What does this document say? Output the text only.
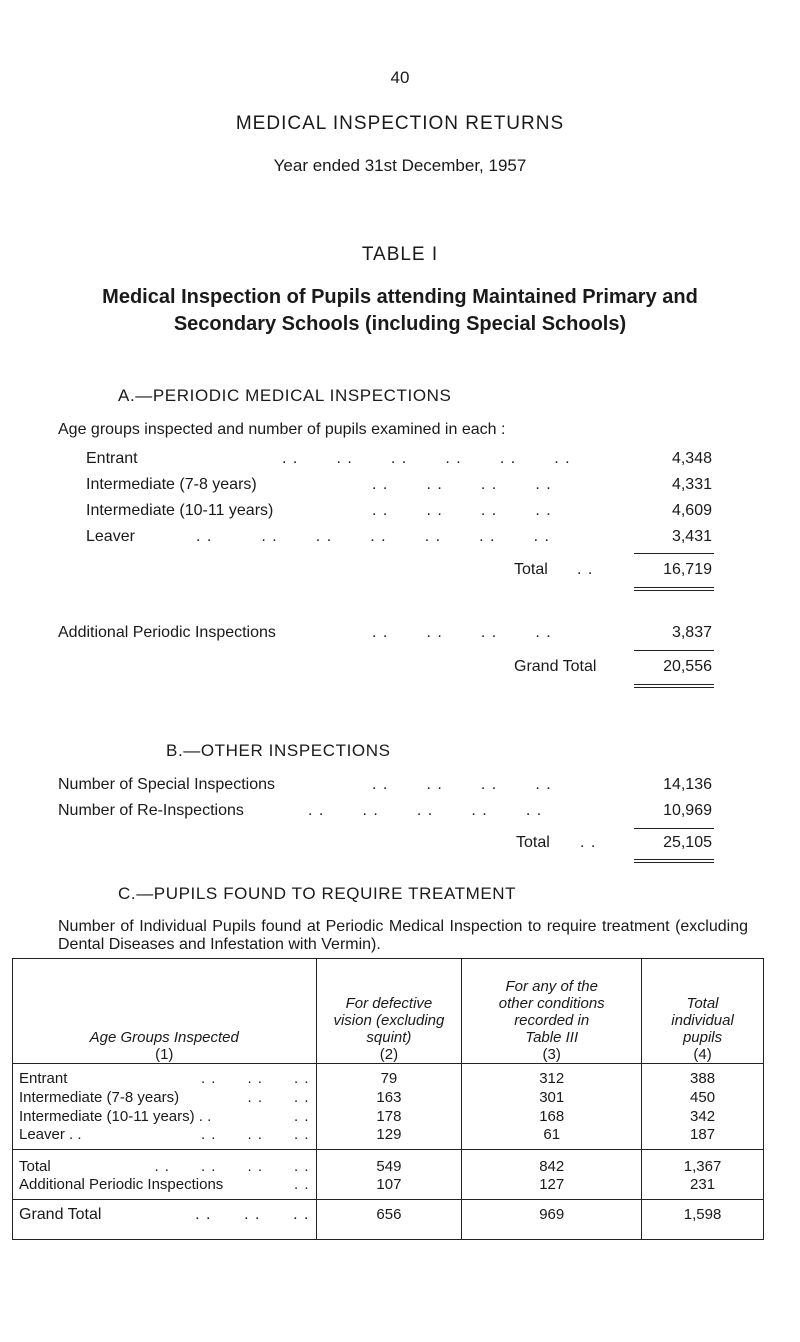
40
MEDICAL INSPECTION RETURNS
Year ended 31st December, 1957
TABLE I
Medical Inspection of Pupils attending Maintained Primary and
Secondary Schools (including Special Schools)
A.—PERIODIC MEDICAL INSPECTIONS
Age groups inspected and number of pupils examined in each :
Entrant	. .       . .       . .       . .       . .       . .	4,348
Intermediate (7-8 years)	. .       . .       . .       . .	4,331
Intermediate (10-11 years)	. .       . .       . .       . .	4,609
Leaver	. .         . .       . .       . .       . .       . .       . .	3,431
Total . .	16,719
Additional Periodic Inspections	. .       . .       . .       . .	3,837
Grand Total	20,556
B.—OTHER INSPECTIONS
Number of Special Inspections	. .       . .       . .       . .	14,136
Number of Re-Inspections	. .       . .       . .       . .       . .	10,969
Total . .	25,105
C.—PUPILS FOUND TO REQUIRE TREATMENT
Number of Individual Pupils found at Periodic Medical Inspection to require treatment (excluding Dental Diseases and Infestation with Vermin).
Age Groups Inspected
(1)	For defective
vision (excluding
squint)
(2)	For any of the
other conditions
recorded in
Table III
(3)	Total
individual
pupils
(4)
Entrant . .      . .      . .	79	312	388
Intermediate (7-8 years) . .      . .	163	301	450
Intermediate (10-11 years) . . . .	178	168	342
Leaver . . . .      . .      . .	129	61	187
Total . .      . .      . .      . .	549	842	1,367
Additional Periodic Inspections . .	107	127	231
Grand Total . .      . .      . .	656	969	1,598
